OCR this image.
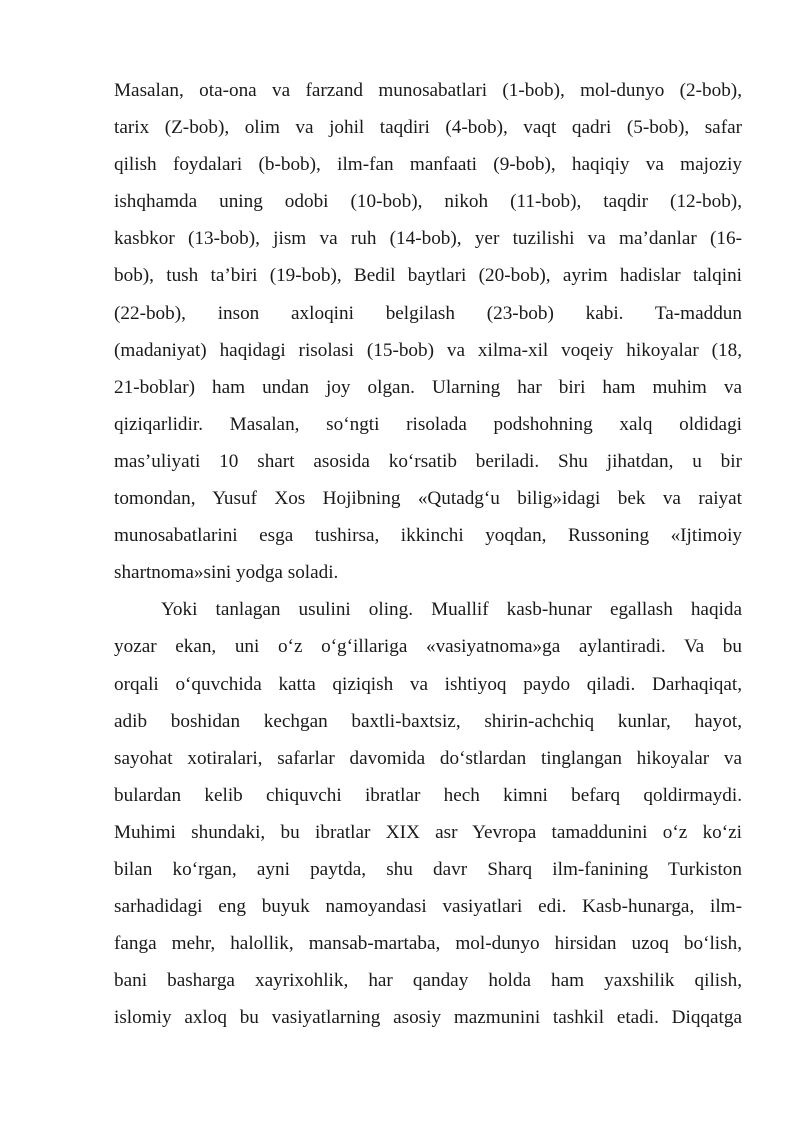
Masalan, ota-ona va farzand munosabatlari (1-bob), mol-dunyo (2-bob),
tarix (Z-bob), olim va johil taqdiri (4-bob), vaqt qadri (5-bob), safar
qilish foydalari (b-bob), ilm-fan manfaati (9-bob), haqiqiy va majoziy
ishqhamda uning odobi (10-bob), nikoh (11-bob), taqdir (12-bob),
kasbkor (13-bob), jism va ruh (14-bob), yer tuzilishi va ma’danlar (16-
bob), tush ta’biri (19-bob), Bedil baytlari (20-bob), ayrim hadislar talqini
(22-bob), inson axloqini belgilash (23-bob) kabi. Ta-maddun
(madaniyat) haqidagi risolasi (15-bob) va xilma-xil voqeiy hikoyalar (18,
21-boblar) ham undan joy olgan. Ularning har biri ham muhim va
qiziqarlidir. Masalan, so‘ngti risolada podshohning xalq oldidagi
mas’uliyati 10 shart asosida ko‘rsatib beriladi. Shu jihatdan, u bir
tomondan, Yusuf Xos Hojibning «Qutadg‘u bilig»idagi bek va raiyat
munosabatlarini esga tushirsa, ikkinchi yoqdan, Russoning «Ijtimoiy
shartnoma»sini yodga soladi.
Yoki tanlagan usulini oling. Muallif kasb-hunar egallash haqida
yozar ekan, uni o‘z o‘g‘illariga «vasiyatnoma»ga aylantiradi. Va bu
orqali o‘quvchida katta qiziqish va ishtiyoq paydo qiladi. Darhaqiqat,
adib boshidan kechgan baxtli-baxtsiz, shirin-achchiq kunlar, hayot,
sayohat xotiralari, safarlar davomida do‘stlardan tinglangan hikoyalar va
bulardan kelib chiquvchi ibratlar hech kimni befarq qoldirmaydi.
Muhimi shundaki, bu ibratlar XIX asr Yevropa tamaddunini o‘z ko‘zi
bilan ko‘rgan, ayni paytda, shu davr Sharq ilm-fanining Turkiston
sarhadidagi eng buyuk namoyandasi vasiyatlari edi. Kasb-hunarga, ilm-
fanga mehr, halollik, mansab-martaba, mol-dunyo hirsidan uzoq bo‘lish,
bani basharga xayrixohlik, har qanday holda ham yaxshilik qilish,
islomiy axloq bu vasiyatlarning asosiy mazmunini tashkil etadi. Diqqatga
